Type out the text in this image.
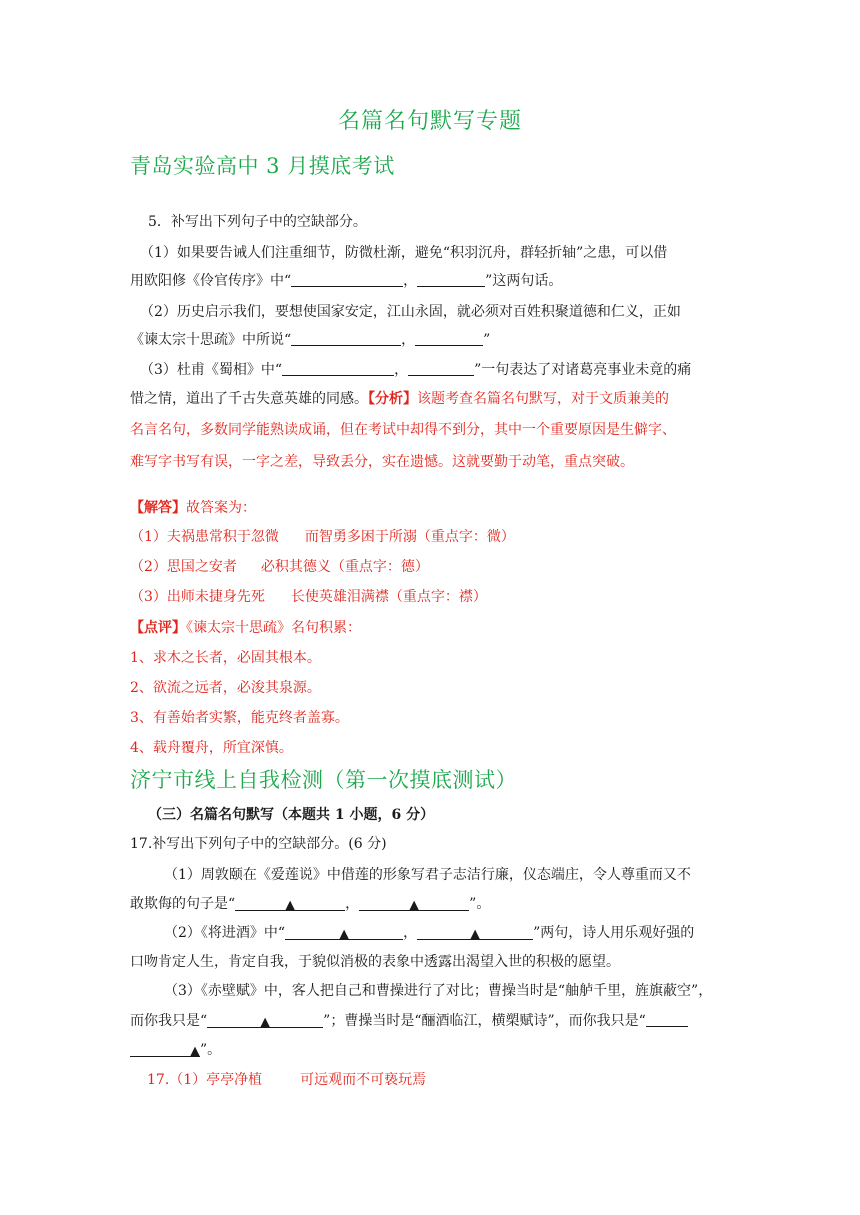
名篇名句默写专题
青岛实验高中 3 月摸底考试
5．补写出下列句子中的空缺部分。
（1）如果要告诫人们注重细节，防微杜渐，避免“积羽沉舟，群轻折轴”之患，可以借
用欧阳修《伶官传序》中“	，	”这两句话。
（2）历史启示我们，要想使国家安定，江山永固，就必须对百姓积聚道德和仁义，正如
《谏太宗十思疏》中所说“	，	”
（3）杜甫《蜀相》中“	，	”一句表达了对诸葛亮事业未竟的痛
惜之情，道出了千古失意英雄的同感。【分析】该题考查名篇名句默写，对于文质兼美的
名言名句，多数同学能熟读成诵，但在考试中却得不到分，其中一个重要原因是生僻字、
难写字书写有误，一字之差，导致丢分，实在遗憾。这就要勤于动笔，重点突破。
【解答】故答案为：
（1）夫祸患常积于忽微 而智勇多困于所溺（重点字：微）
（2）思国之安者 必积其德义（重点字：德）
（3）出师未捷身先死 长使英雄泪满襟（重点字：襟）
【点评】《谏太宗十思疏》名句积累：
1、求木之长者，必固其根本。
2、欲流之远者，必浚其泉源。
3、有善始者实繁，能克终者盖寡。
4、载舟覆舟，所宜深慎。
济宁市线上自我检测（第一次摸底测试）
（三）名篇名句默写（本题共 1 小题，6 分）
17.补写出下列句子中的空缺部分。(6 分)
（1）周敦颐在《爱莲说》中借莲的形象写君子志洁行廉，仪态端庄，令人尊重而又不
敢欺侮的句子是“	▲	，	▲	”。
（2）《将进酒》中“	▲	，	▲	”两句，诗人用乐观好强的
口吻肯定人生，肯定自我，于貌似消极的表象中透露出渴望入世的积极的愿望。
（3）《赤壁赋》中，客人把自己和曹操进行了对比；曹操当时是“舳舻千里，旌旗蔽空”，
而你我只是“	▲	”；曹操当时是“酾酒临江，横槊赋诗”，而你我只是“
▲”。
17.（1）亭亭净植	可远观而不可亵玩焉
